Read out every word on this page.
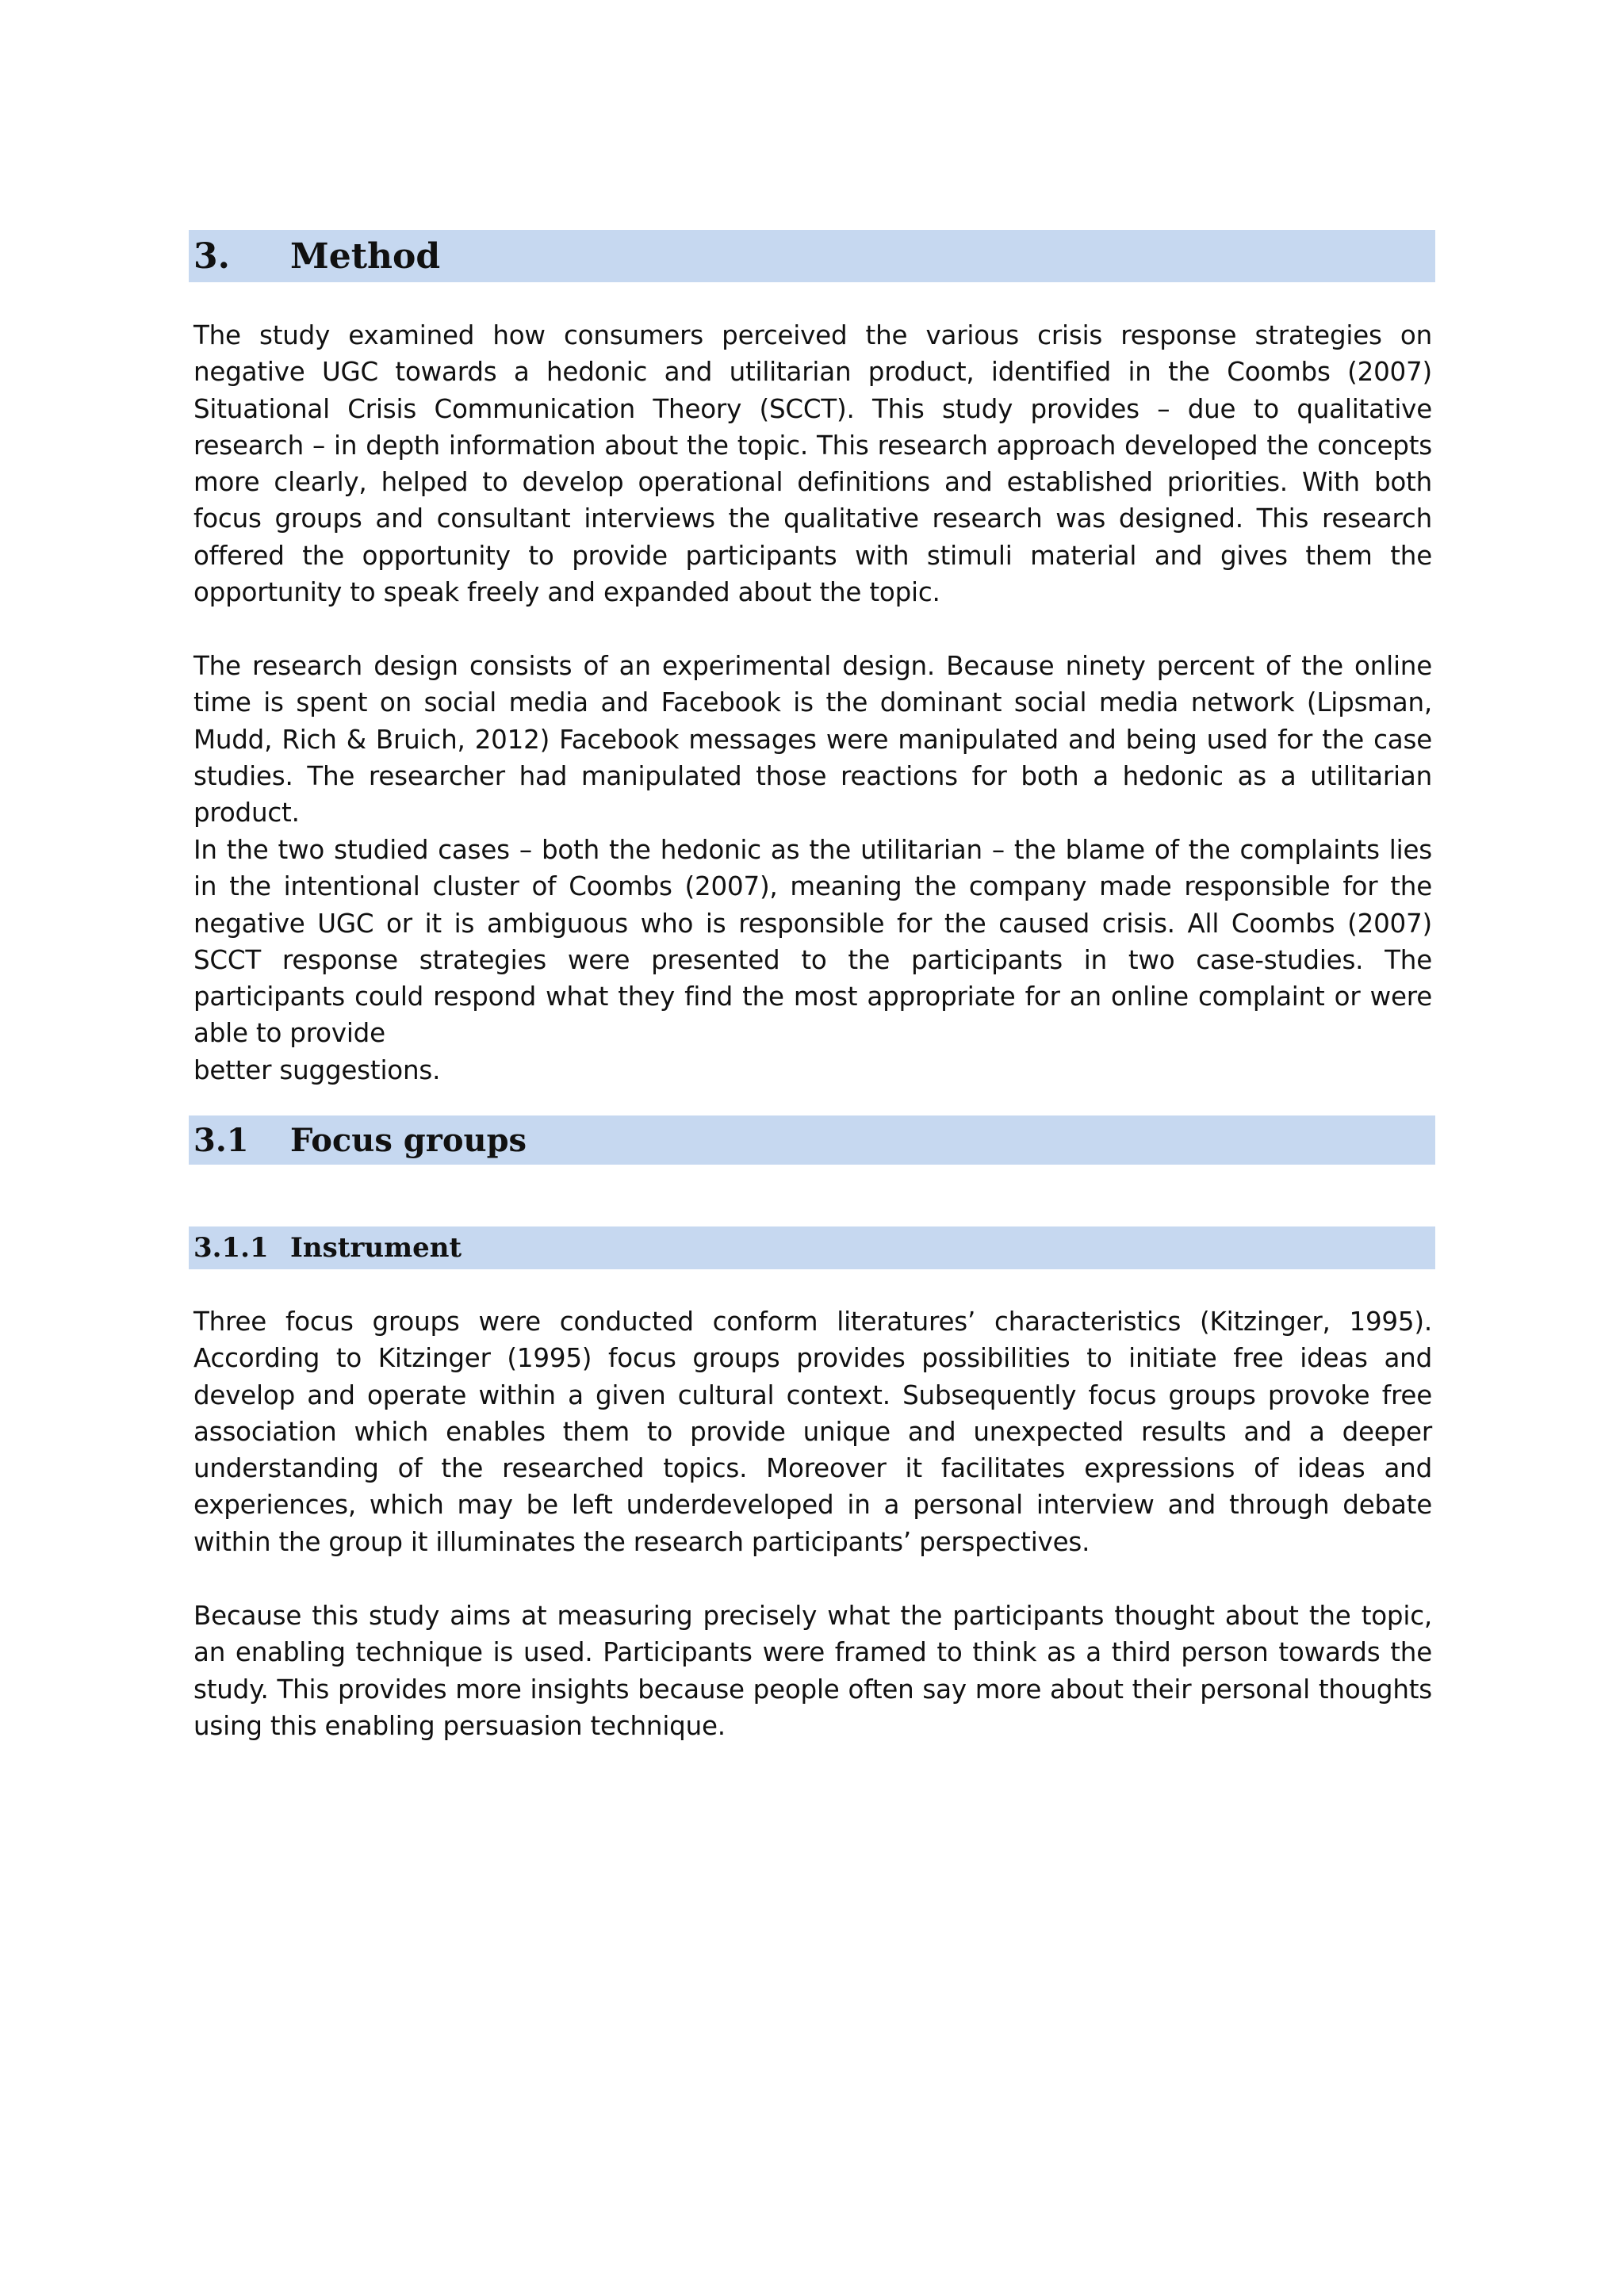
3.	Method

The study examined how consumers perceived the various crisis response strategies on negative UGC towards a hedonic and utilitarian product, identified in the Coombs (2007) Situational Crisis Communication Theory (SCCT). This study provides – due to qualitative research – in depth information about the topic. This research approach developed the concepts more clearly, helped to develop operational definitions and established priorities. With both focus groups and consultant interviews the qualitative research was designed. This research offered the opportunity to provide participants with stimuli material and gives them the opportunity to speak freely and expanded about the topic.

The research design consists of an experimental design. Because ninety percent of the online time is spent on social media and Facebook is the dominant social media network (Lipsman, Mudd, Rich & Bruich, 2012) Facebook messages were manipulated and being used for the case studies. The researcher had manipulated those reactions for both a hedonic as a utilitarian product.

In the two studied cases – both the hedonic as the utilitarian – the blame of the complaints lies in the intentional cluster of Coombs (2007), meaning the company made responsible for the negative UGC or it is ambiguous who is responsible for the caused crisis. All Coombs (2007) SCCT response strategies were presented to the participants in two case-studies. The participants could respond what they find the most appropriate for an online complaint or were able to provide
better suggestions.
3.1	Focus groups
3.1.1 Instrument

Three focus groups were conducted conform literatures’ characteristics (Kitzinger, 1995). According to Kitzinger (1995) focus groups provides possibilities to initiate free ideas and develop and operate within a given cultural context. Subsequently focus groups provoke free association which enables them to provide unique and unexpected results and a deeper understanding of the researched topics. Moreover it facilitates expressions of ideas and experiences, which may be left underdeveloped in a personal interview and through debate within the group it illuminates the research participants’ perspectives.

Because this study aims at measuring precisely what the participants thought about the topic, an enabling technique is used. Participants were framed to think as a third person towards the study. This provides more insights because people often say more about their personal thoughts using this enabling persuasion technique.
